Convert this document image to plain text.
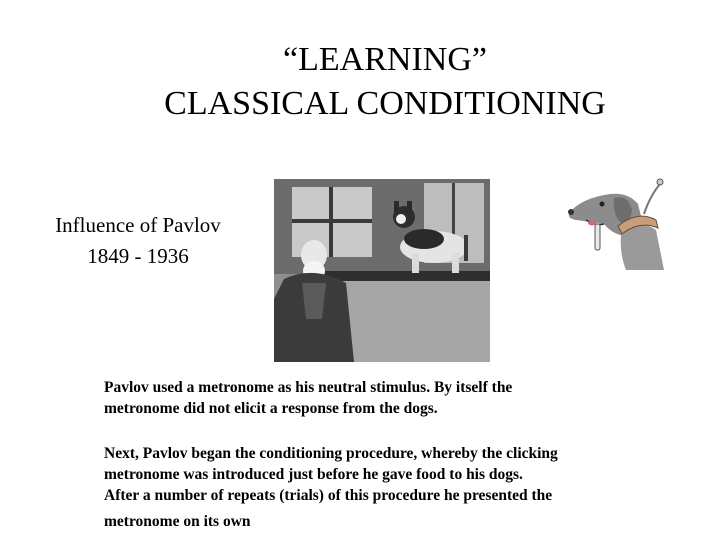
“LEARNING”
CLASSICAL CONDITIONING
Influence of Pavlov
1849 - 1936

Pavlov used a metronome as his neutral stimulus. By itself the
metronome did not elicit a response from the dogs.

Next, Pavlov began the conditioning procedure, whereby the clicking
metronome was introduced just before he gave food to his dogs.
After a number of repeats (trials) of this procedure he presented the
metronome on its own
